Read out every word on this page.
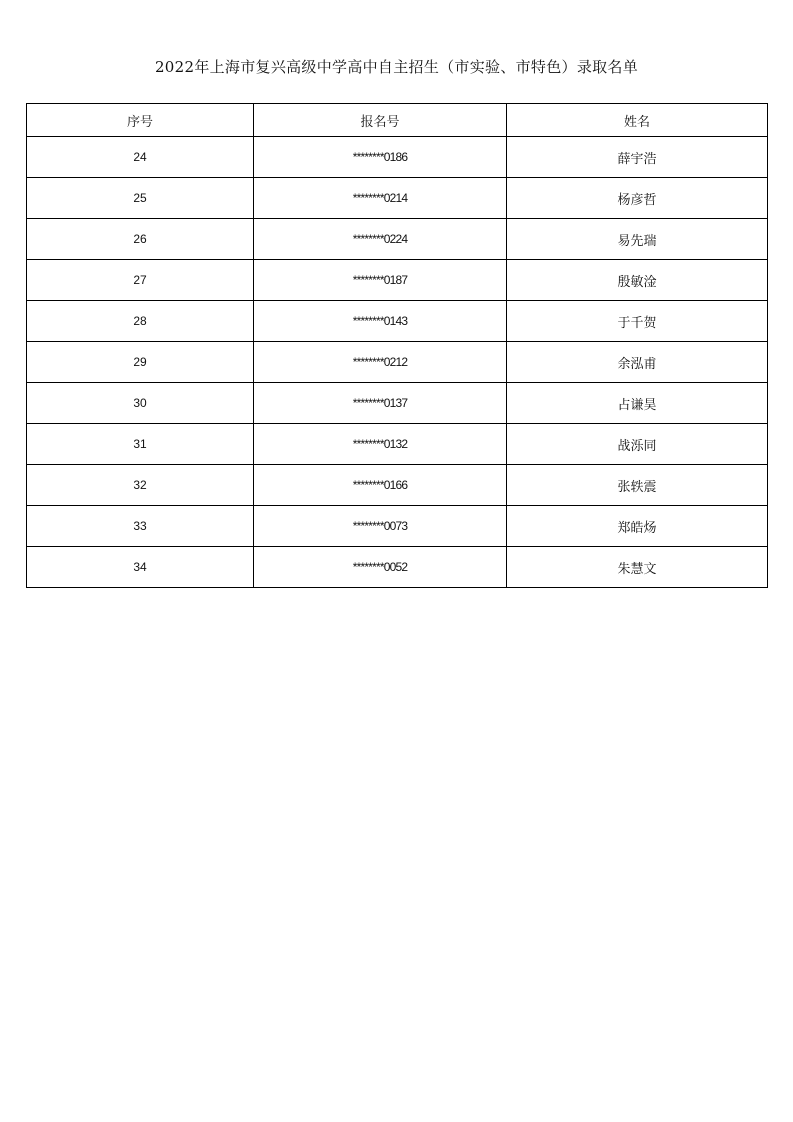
2022年上海市复兴高级中学高中自主招生（市实验、市特色）录取名单
序号	报名号	姓名
24	********0186	薛宇浩
25	********0214	杨彦哲
26	********0224	易先瑞
27	********0187	殷敏淦
28	********0143	于千贺
29	********0212	余泓甫
30	********0137	占谦昊
31	********0132	战泺同
32	********0166	张轶震
33	********0073	郑皓炀
34	********0052	朱慧文
